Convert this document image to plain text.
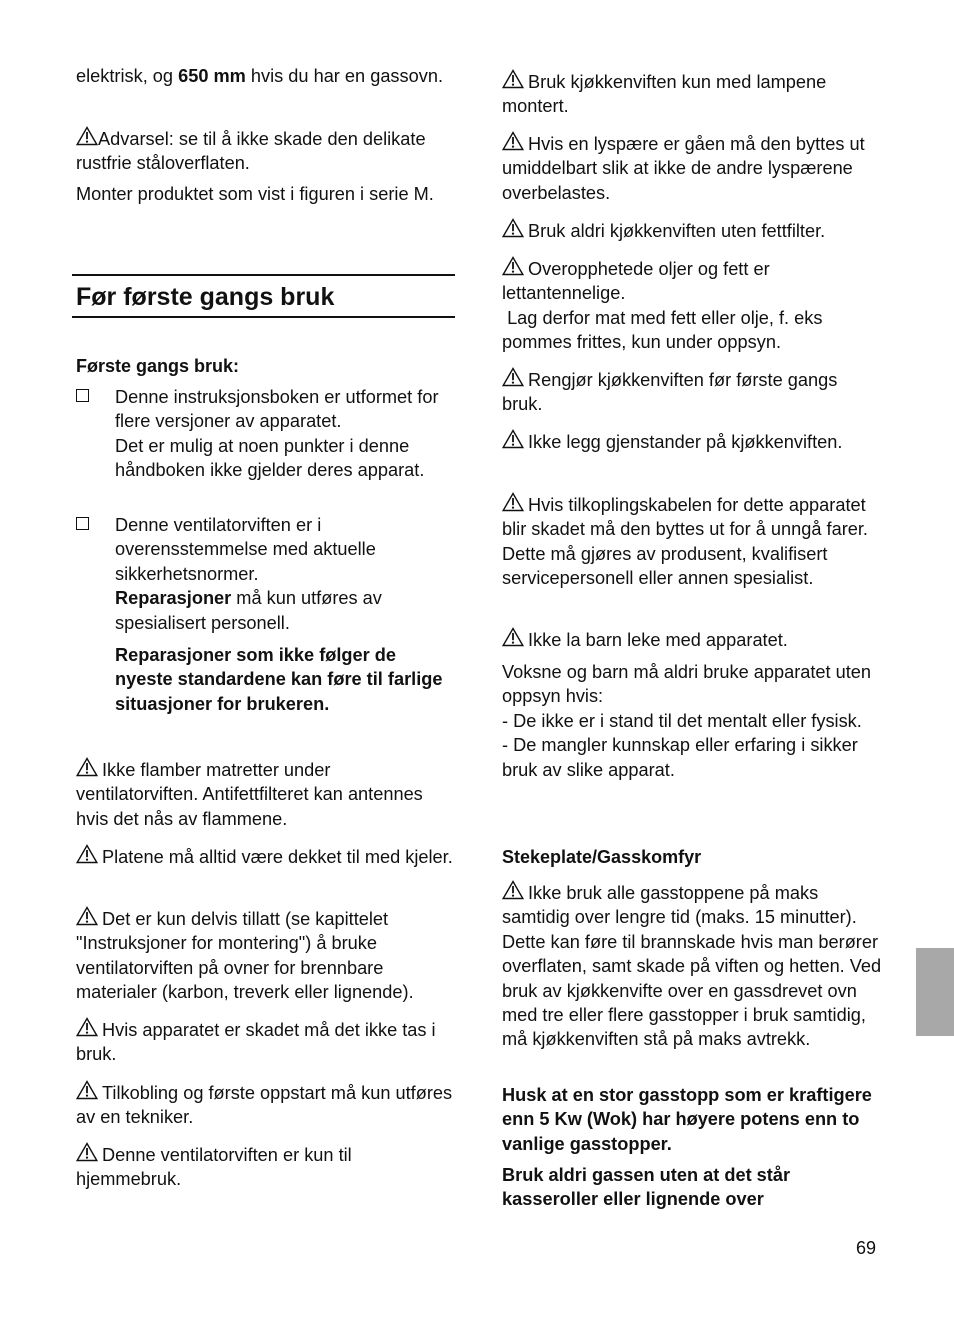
elektrisk, og 650 mm hvis du har en gassovn.

Advarsel: se til å ikke skade den delikate rustfrie ståloverflaten.

Monter produktet som vist i figuren i serie M.

Før første gangs bruk
Første gangs bruk:

Denne instruksjonsboken er utformet for flere versjoner av apparatet.

Det er mulig at noen punkter i denne håndboken ikke gjelder deres apparat.

Denne ventilatorviften er i overensstemmelse med aktuelle sikkerhetsnormer.

Reparasjoner må kun utføres av spesialisert personell.

Reparasjoner som ikke følger de nyeste standardene kan føre til farlige situasjoner for brukeren.

Ikke flamber matretter under ventilatorviften. Antifettfilteret kan antennes hvis det nås av flammene.

Platene må alltid være dekket til med kjeler.

Det er kun delvis tillatt (se kapittelet "Instruksjoner for montering") å bruke ventilatorviften på ovner for brennbare materialer (karbon, treverk eller lignende).

Hvis apparatet er skadet må det ikke tas i bruk.

Tilkobling og første oppstart må kun utføres av en tekniker.

Denne ventilatorviften er kun til hjemmebruk.

Bruk kjøkkenviften kun med lampene montert.

Hvis en lyspære er gåen må den byttes ut umiddelbart slik at ikke de andre lyspærene overbelastes.

Bruk aldri kjøkkenviften uten fettfilter.

Overopphetede oljer og fett er lettantennelige.

Lag derfor mat med fett eller olje, f. eks pommes frittes, kun under oppsyn.

Rengjør kjøkkenviften før første gangs bruk.

Ikke legg gjenstander på kjøkkenviften.

Hvis tilkoplingskabelen for dette apparatet blir skadet må den byttes ut for å unngå farer. Dette må gjøres av produsent, kvalifisert servicepersonell eller annen spesialist.

Ikke la barn leke med apparatet.

Voksne og barn må aldri bruke apparatet uten oppsyn hvis:

- De ikke er i stand til det mentalt eller fysisk.

- De mangler kunnskap eller erfaring i sikker bruk av slike apparat.

Stekeplate/Gasskomfyr

Ikke bruk alle gasstoppene på maks samtidig over lengre tid (maks. 15 minutter). Dette kan føre til brannskade hvis man berører overflaten, samt skade på viften og hetten. Ved bruk av kjøkkenvifte over en gassdrevet ovn med tre eller flere gasstopper i bruk samtidig, må kjøkkenviften stå på maks avtrekk.

Husk at en stor gasstopp som er kraftigere enn 5 Kw (Wok) har høyere potens enn to vanlige gasstopper.

Bruk aldri gassen uten at det står kasseroller eller lignende over

69
